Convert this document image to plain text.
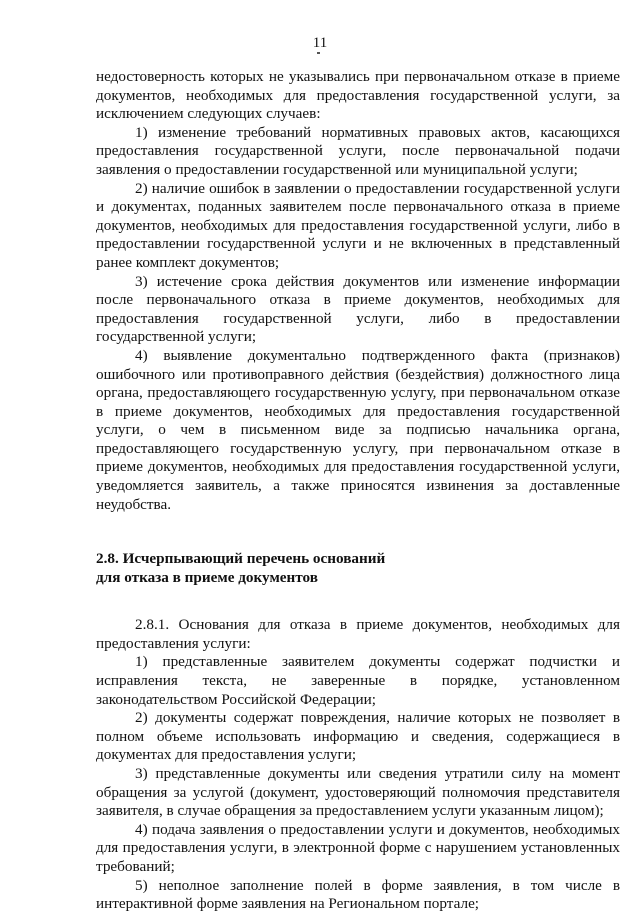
11

недостоверность которых не указывались при первоначальном отказе в приеме документов, необходимых для предоставления государственной услуги, за исключением следующих случаев:

1) изменение требований нормативных правовых актов, касающихся предоставления государственной услуги, после первоначальной подачи заявления о предоставлении государственной или муниципальной услуги;

2) наличие ошибок в заявлении о предоставлении государственной услуги и документах, поданных заявителем после первоначального отказа в приеме документов, необходимых для предоставления государственной услуги, либо в предоставлении государственной услуги и не включенных в представленный ранее комплект документов;

3) истечение срока действия документов или изменение информации после первоначального отказа в приеме документов, необходимых для предоставления государственной услуги, либо в предоставлении государственной услуги;

4) выявление документально подтвержденного факта (признаков) ошибочного или противоправного действия (бездействия) должностного лица органа, предоставляющего государственную услугу, при первоначальном отказе в приеме документов, необходимых для предоставления государственной услуги, о чем в письменном виде за подписью начальника органа, предоставляющего государственную услугу, при первоначальном отказе в приеме документов, необходимых для предоставления государственной услуги, уведомляется заявитель, а также приносятся извинения за доставленные неудобства.

2.8. Исчерпывающий перечень оснований

для отказа в приеме документов

2.8.1. Основания для отказа в приеме документов, необходимых для предоставления услуги:

1) представленные заявителем документы содержат подчистки и исправления текста, не заверенные в порядке, установленном законодательством Российской Федерации;

2) документы содержат повреждения, наличие которых не позволяет в полном объеме использовать информацию и сведения, содержащиеся в документах для предоставления услуги;

3) представленные документы или сведения утратили силу на момент обращения за услугой (документ, удостоверяющий полномочия представителя заявителя, в случае обращения за предоставлением услуги указанным лицом);

4) подача заявления о предоставлении услуги и документов, необходимых для предоставления услуги, в электронной форме с нарушением установленных требований;

5) неполное заполнение полей в форме заявления, в том числе в интерактивной форме заявления на Региональном портале;
